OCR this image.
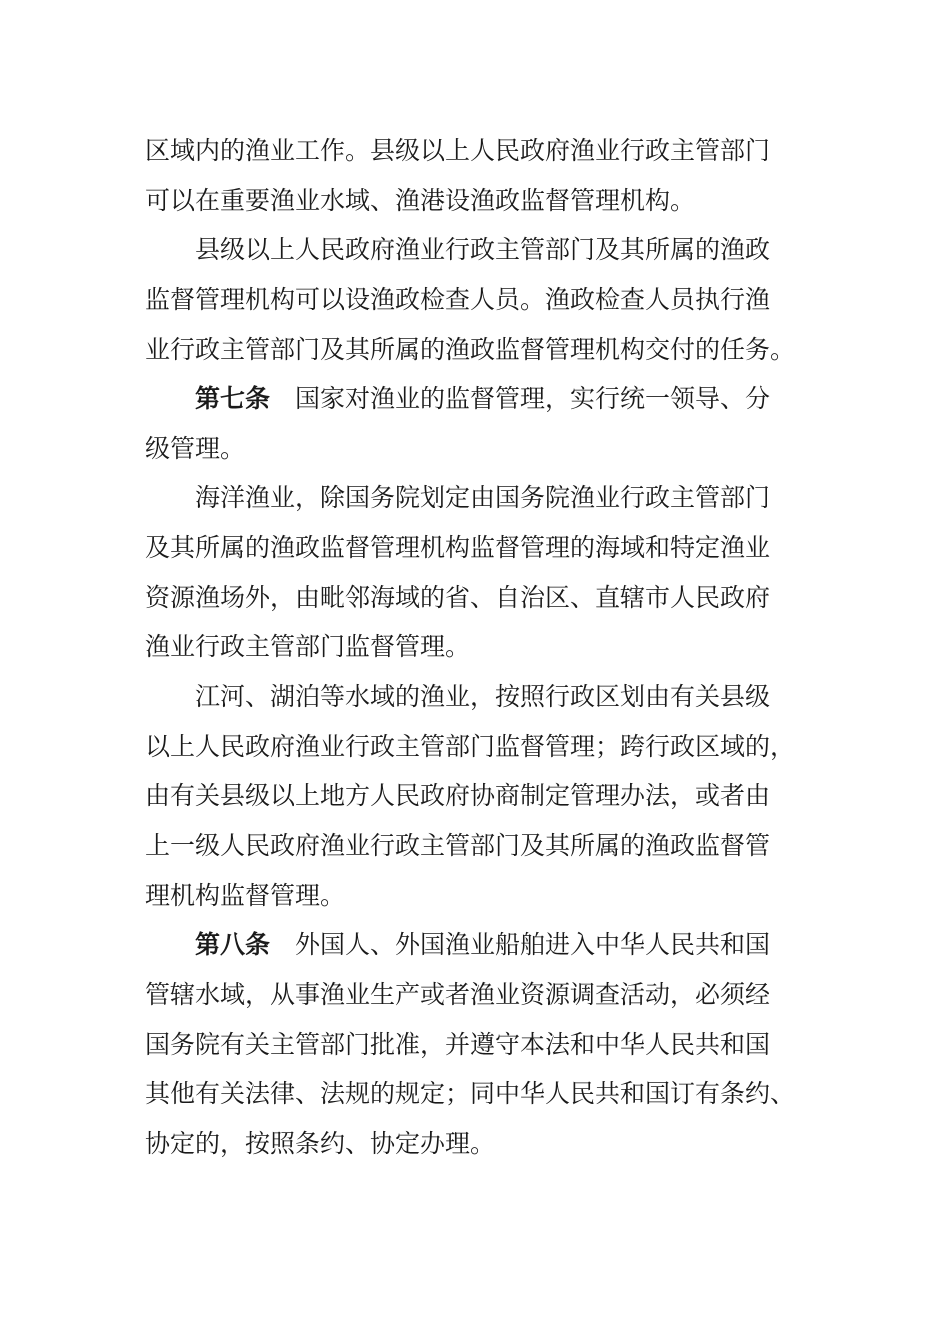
区域内的渔业工作。县级以上人民政府渔业行政主管部门
可以在重要渔业水域、渔港设渔政监督管理机构。
县级以上人民政府渔业行政主管部门及其所属的渔政
监督管理机构可以设渔政检查人员。渔政检查人员执行渔
业行政主管部门及其所属的渔政监督管理机构交付的任务。
第七条 国家对渔业的监督管理，实行统一领导、分
级管理。
海洋渔业，除国务院划定由国务院渔业行政主管部门
及其所属的渔政监督管理机构监督管理的海域和特定渔业
资源渔场外，由毗邻海域的省、自治区、直辖市人民政府
渔业行政主管部门监督管理。
江河、湖泊等水域的渔业，按照行政区划由有关县级
以上人民政府渔业行政主管部门监督管理；跨行政区域的，
由有关县级以上地方人民政府协商制定管理办法，或者由
上一级人民政府渔业行政主管部门及其所属的渔政监督管
理机构监督管理。
第八条 外国人、外国渔业船舶进入中华人民共和国
管辖水域，从事渔业生产或者渔业资源调查活动，必须经
国务院有关主管部门批准，并遵守本法和中华人民共和国
其他有关法律、法规的规定；同中华人民共和国订有条约、
协定的，按照条约、协定办理。
